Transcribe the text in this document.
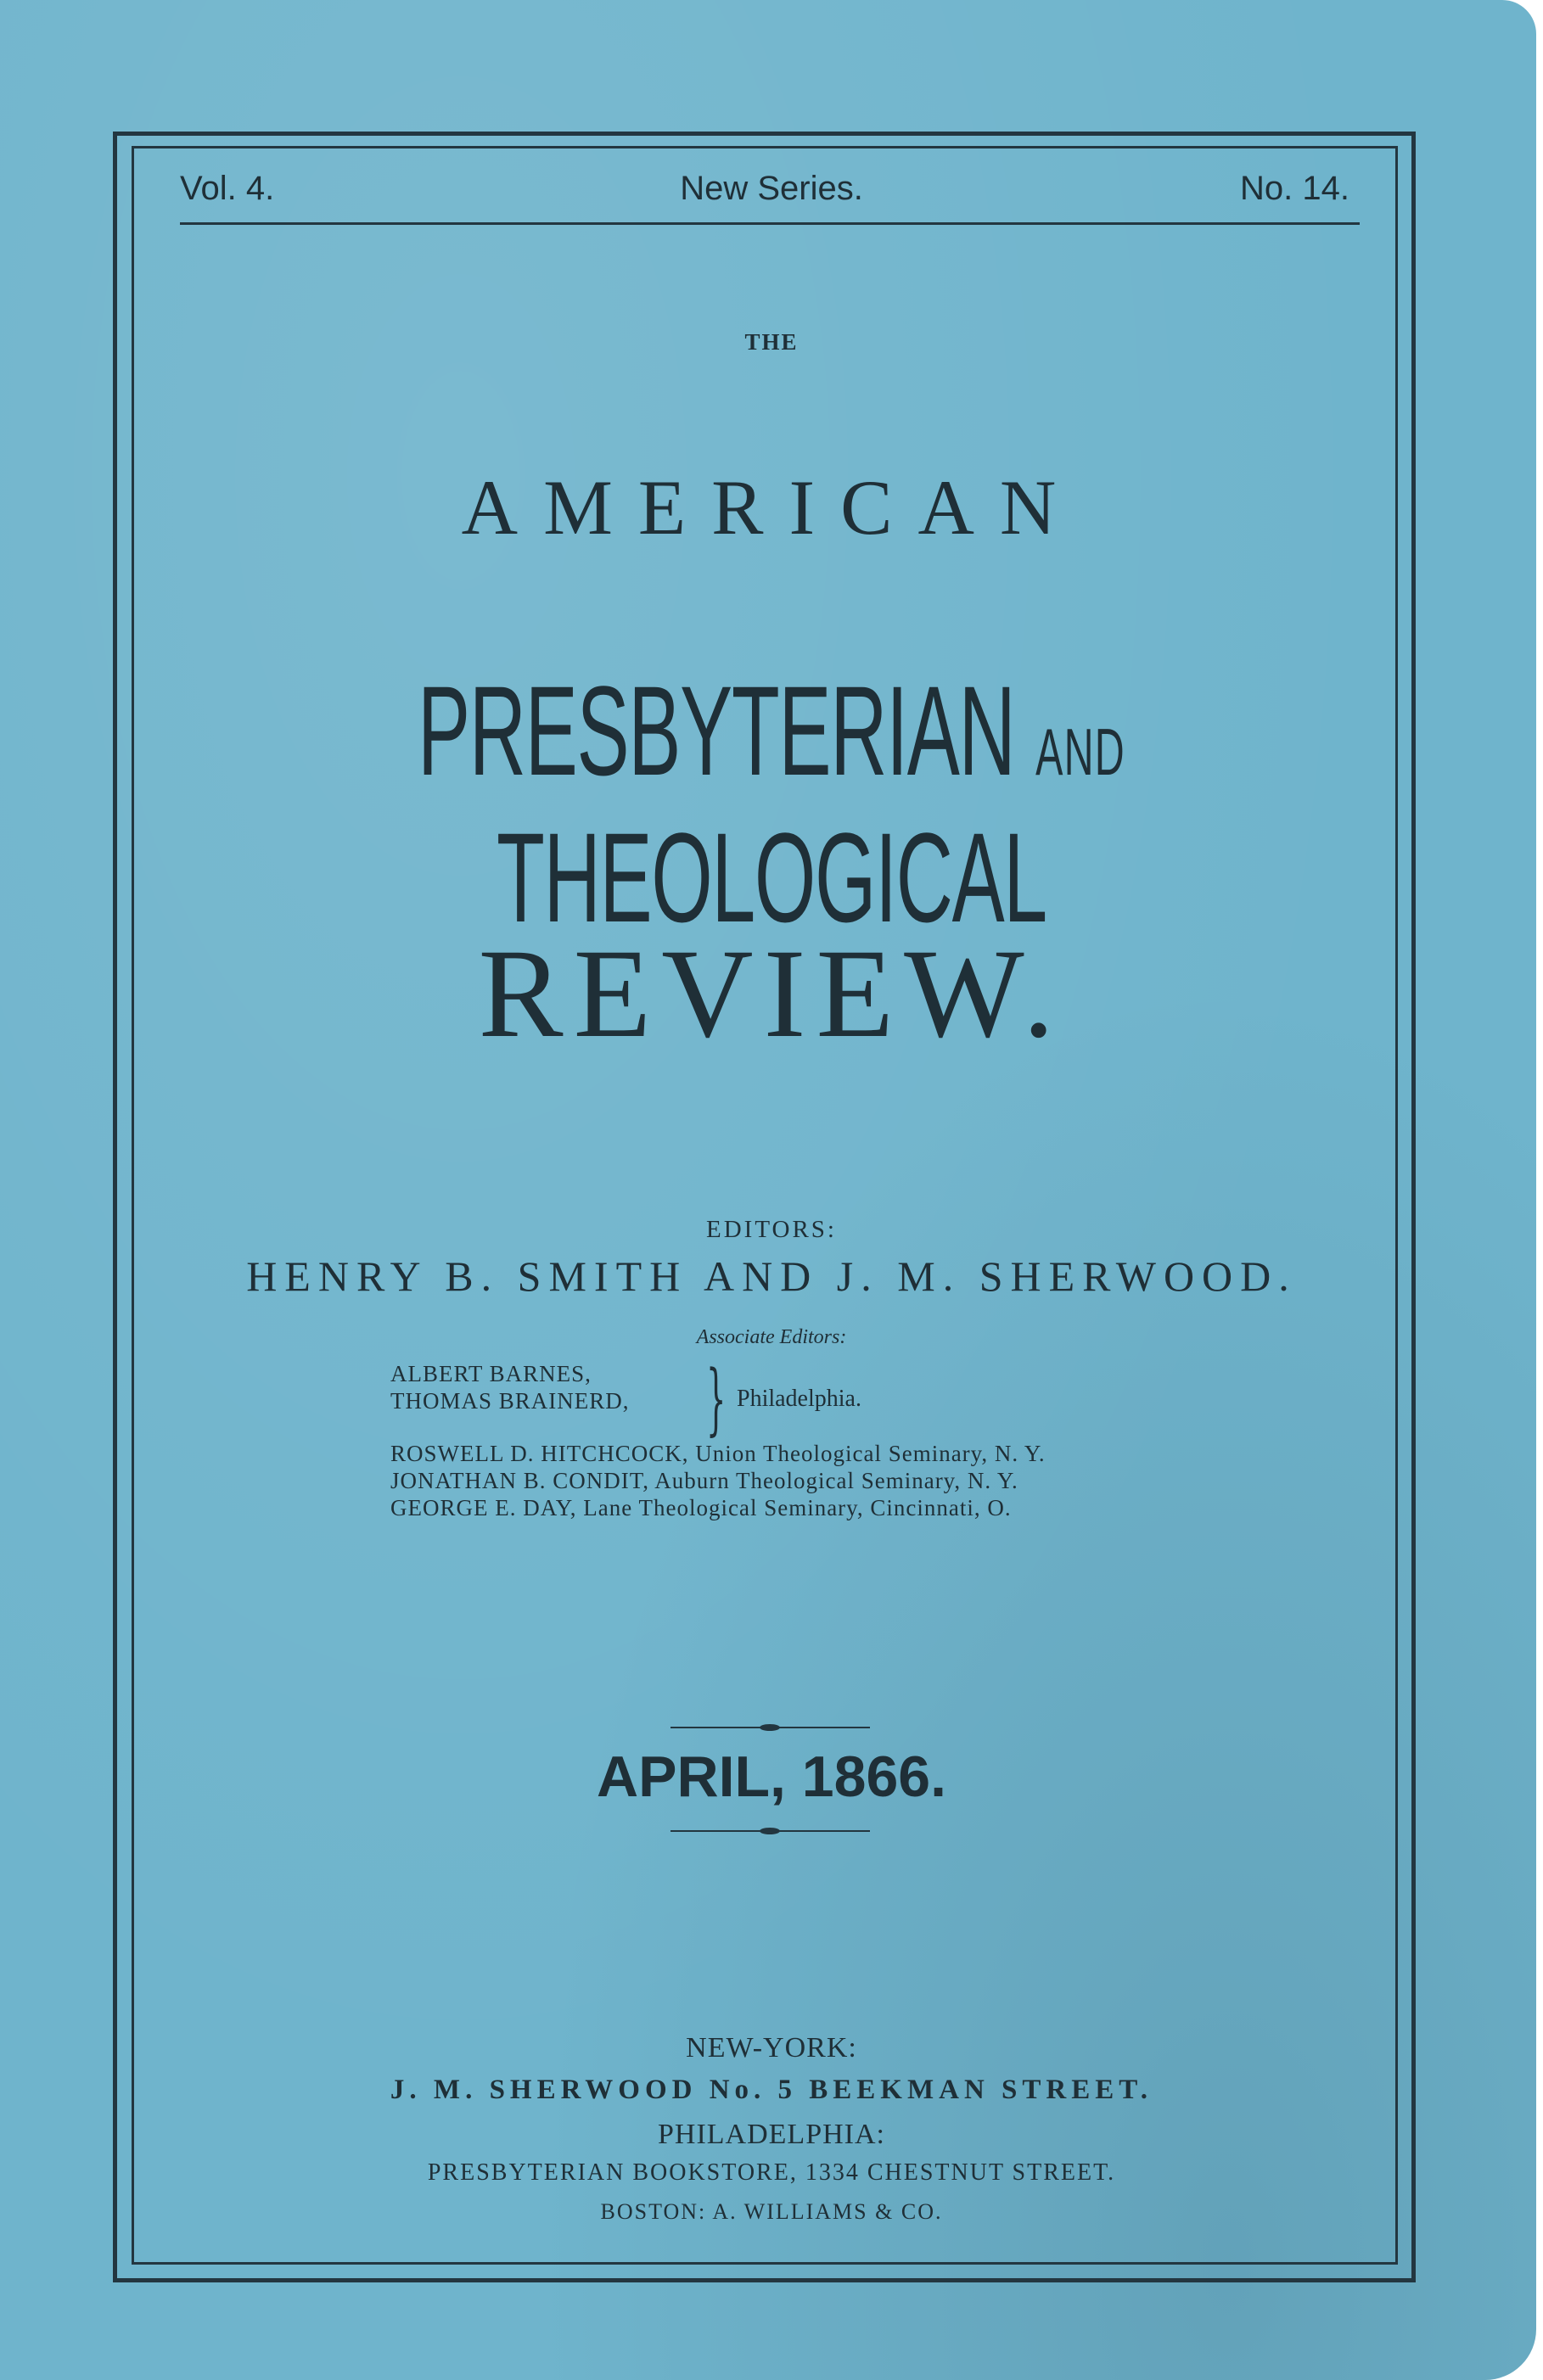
Vol. 4.	New Series.	No. 14.
THE
AMERICAN
PRESBYTERIAN AND THEOLOGICAL
REVIEW.
EDITORS:
HENRY B. SMITH AND J. M. SHERWOOD.
Associate Editors:
ALBERT BARNES,
THOMAS BRAINERD, } Philadelphia.
ROSWELL D. HITCHCOCK, Union Theological Seminary, N. Y.
JONATHAN B. CONDIT, Auburn Theological Seminary, N. Y.
GEORGE E. DAY, Lane Theological Seminary, Cincinnati, O.
APRIL, 1866.
NEW-YORK:
J. M. SHERWOOD No. 5 BEEKMAN STREET.
PHILADELPHIA:
PRESBYTERIAN BOOKSTORE, 1334 CHESTNUT STREET.
BOSTON: A. WILLIAMS & CO.
